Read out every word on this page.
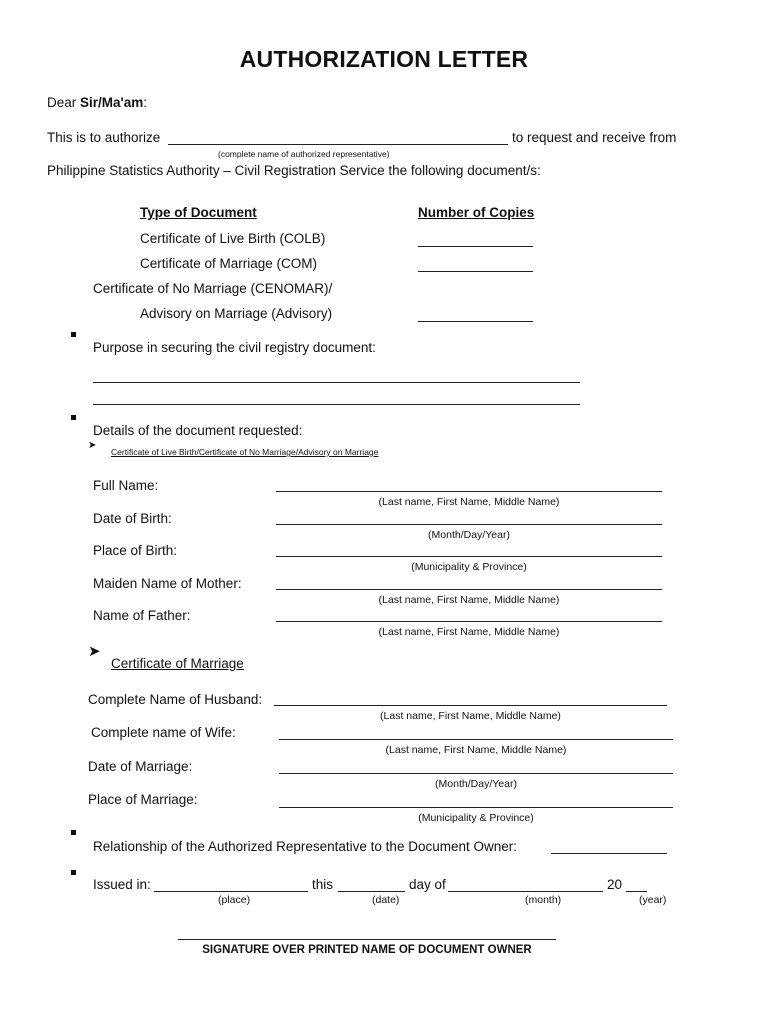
AUTHORIZATION LETTER
Dear Sir/Ma'am:
This is to authorize	to request and receive from
(complete name of authorized representative)
Philippine Statistics Authority – Civil Registration Service the following document/s:
Type of Document	Number of Copies
Certificate of Live Birth (COLB)
Certificate of Marriage (COM)
Certificate of No Marriage (CENOMAR)/
Advisory on Marriage (Advisory)
Purpose in securing the civil registry document:
Details of the document requested:
➤
Certificate of Live Birth/Certificate of No Marriage/Advisory on Marriage
Full Name:
(Last name, First Name, Middle Name)
Date of Birth:
(Month/Day/Year)
Place of Birth:
(Municipality & Province)
Maiden Name of Mother:
(Last name, First Name, Middle Name)
Name of Father:
(Last name, First Name, Middle Name)
➤
Certificate of Marriage
Complete Name of Husband:
(Last name, First Name, Middle Name)
Complete name of Wife:
(Last name, First Name, Middle Name)
Date of Marriage:
(Month/Day/Year)
Place of Marriage:
(Municipality & Province)
Relationship of the Authorized Representative to the Document Owner:
Issued in:	this	day of	20
(place)	(date)	(month)	(year)
SIGNATURE OVER PRINTED NAME OF DOCUMENT OWNER
